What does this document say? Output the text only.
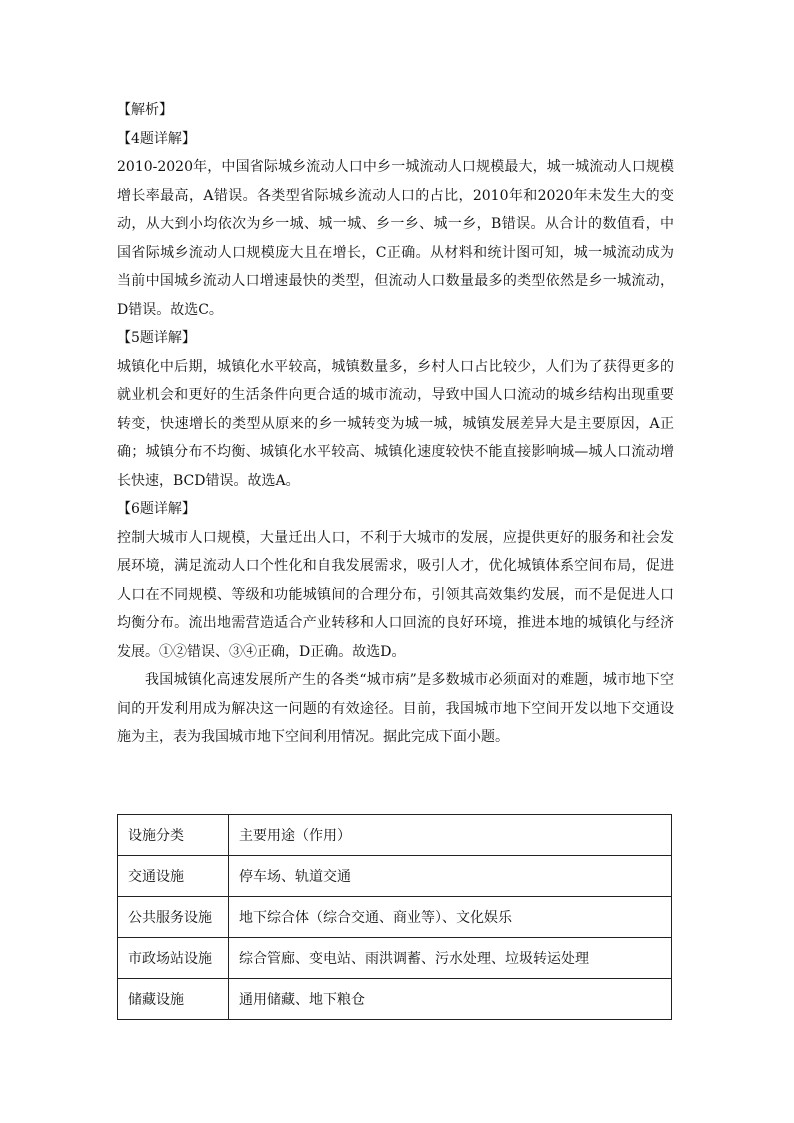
【解析】

【4题详解】

2010-2020年，中国省际城乡流动人口中乡一城流动人口规模最大，城一城流动人口规模

增长率最高，A错误。各类型省际城乡流动人口的占比，2010年和2020年未发生大的变

动，从大到小均依次为乡一城、城一城、乡一乡、城一乡，B错误。从合计的数值看，中

国省际城乡流动人口规模庞大且在增长，C正确。从材料和统计图可知，城一城流动成为

当前中国城乡流动人口增速最快的类型，但流动人口数量最多的类型依然是乡一城流动，

D错误。故选C。

【5题详解】

城镇化中后期，城镇化水平较高，城镇数量多，乡村人口占比较少，人们为了获得更多的

就业机会和更好的生活条件向更合适的城市流动，导致中国人口流动的城乡结构出现重要

转变，快速增长的类型从原来的乡一城转变为城一城，城镇发展差异大是主要原因，A正

确；城镇分布不均衡、城镇化水平较高、城镇化速度较快不能直接影响城—城人口流动增

长快速，BCD错误。故选A。

【6题详解】

控制大城市人口规模，大量迁出人口，不利于大城市的发展，应提供更好的服务和社会发

展环境，满足流动人口个性化和自我发展需求，吸引人才，优化城镇体系空间布局，促进

人口在不同规模、等级和功能城镇间的合理分布，引领其高效集约发展，而不是促进人口

均衡分布。流出地需营造适合产业转移和人口回流的良好环境，推进本地的城镇化与经济

发展。①②错误、③④正确，D正确。故选D。

我国城镇化高速发展所产生的各类“城市病”是多数城市必须面对的难题，城市地下空

间的开发利用成为解决这一问题的有效途径。目前，我国城市地下空间开发以地下交通设

施为主，表为我国城市地下空间利用情况。据此完成下面小题。

设施分类	主要用途（作用）
交通设施	停车场、轨道交通
公共服务设施	地下综合体（综合交通、商业等）、文化娱乐
市政场站设施	综合管廊、变电站、雨洪调蓄、污水处理、垃圾转运处理
储藏设施	通用储藏、地下粮仓
